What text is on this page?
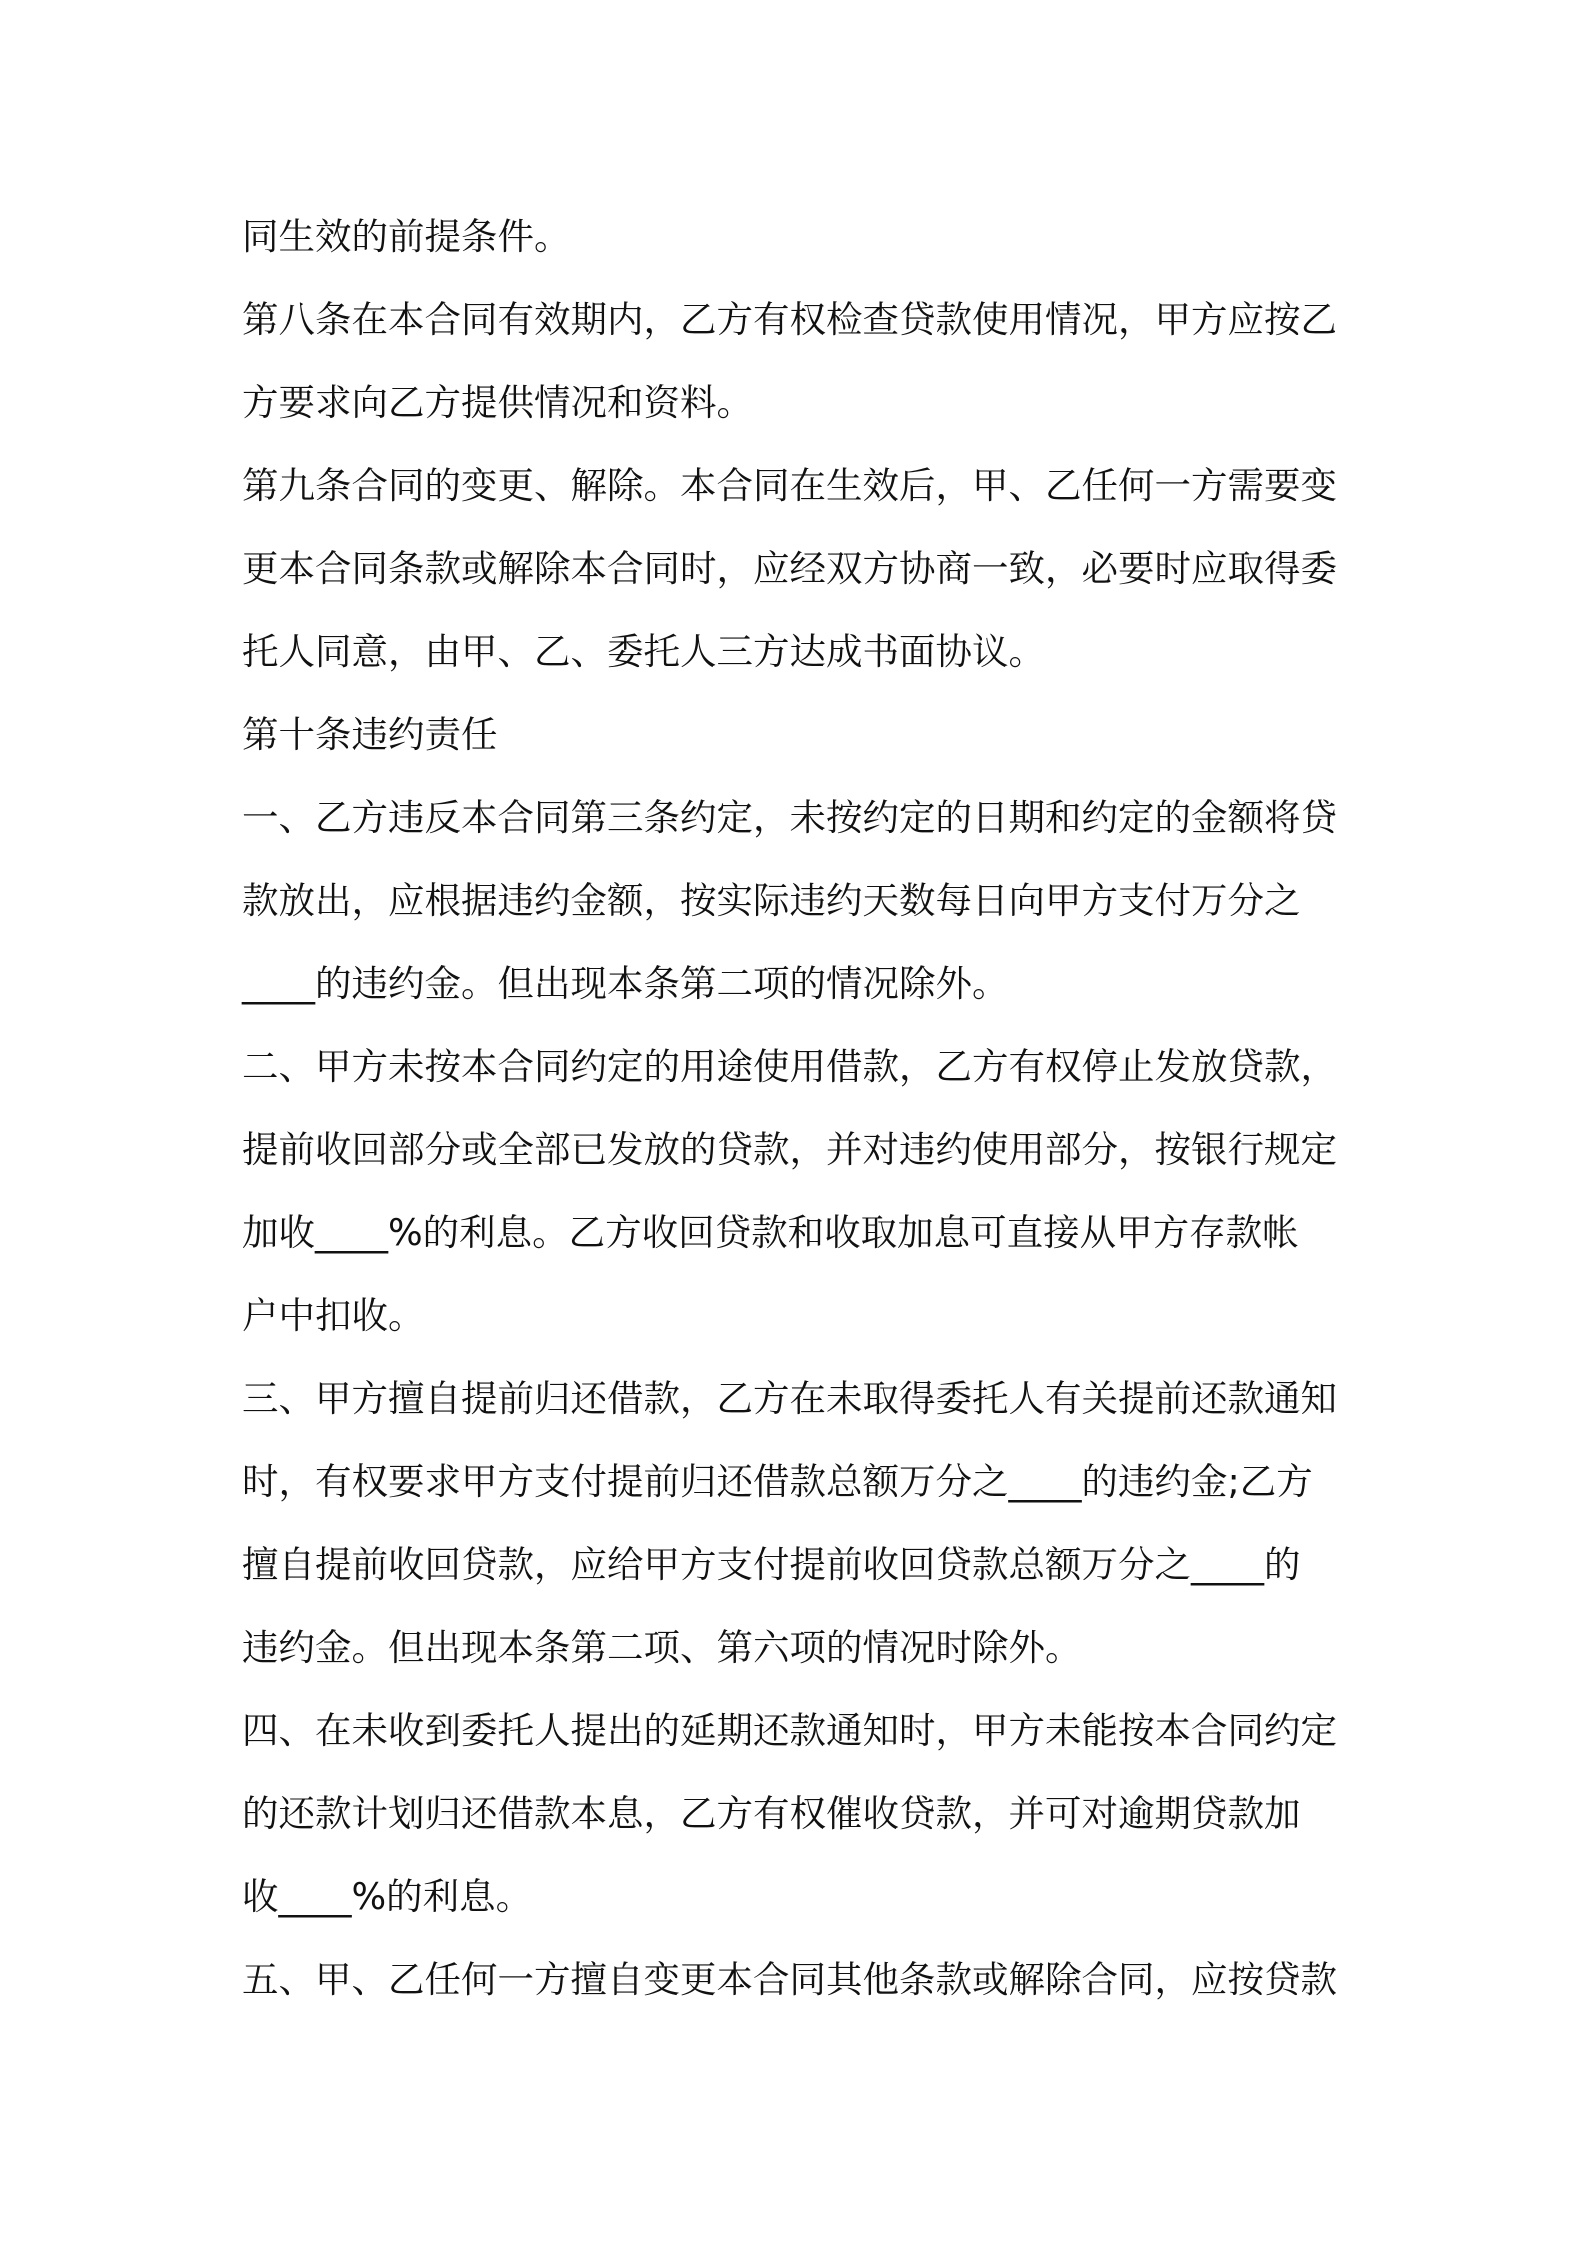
同生效的前提条件。
第八条在本合同有效期内，乙方有权检查贷款使用情况，甲方应按乙
方要求向乙方提供情况和资料。
第九条合同的变更、解除。本合同在生效后，甲、乙任何一方需要变
更本合同条款或解除本合同时，应经双方协商一致，必要时应取得委
托人同意，由甲、乙、委托人三方达成书面协议。
第十条违约责任
一、乙方违反本合同第三条约定，未按约定的日期和约定的金额将贷
款放出，应根据违约金额，按实际违约天数每日向甲方支付万分之
____的违约金。但出现本条第二项的情况除外。
二、甲方未按本合同约定的用途使用借款，乙方有权停止发放贷款，
提前收回部分或全部已发放的贷款，并对违约使用部分，按银行规定
加收____%的利息。乙方收回贷款和收取加息可直接从甲方存款帐
户中扣收。
三、甲方擅自提前归还借款，乙方在未取得委托人有关提前还款通知
时，有权要求甲方支付提前归还借款总额万分之____的违约金;乙方
擅自提前收回贷款，应给甲方支付提前收回贷款总额万分之____的
违约金。但出现本条第二项、第六项的情况时除外。
四、在未收到委托人提出的延期还款通知时，甲方未能按本合同约定
的还款计划归还借款本息，乙方有权催收贷款，并可对逾期贷款加
收____%的利息。
五、甲、乙任何一方擅自变更本合同其他条款或解除合同，应按贷款
